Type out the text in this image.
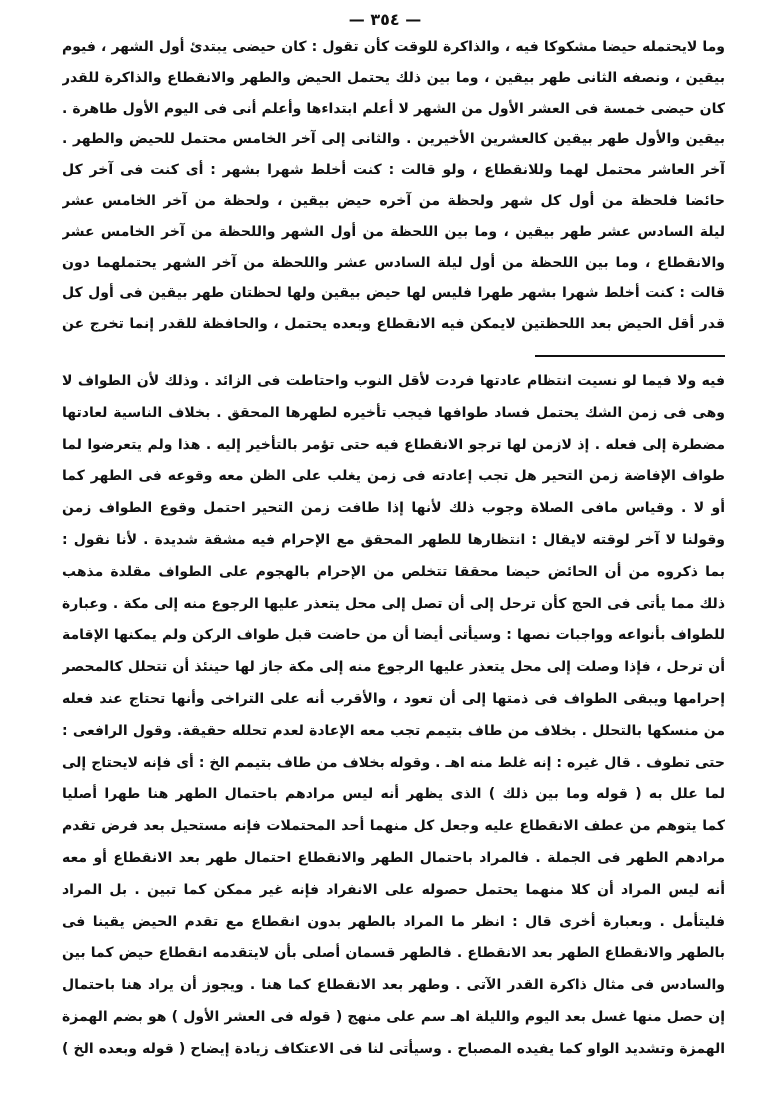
— ٣٥٤ —
وما لايحتمله حيضا مشكوكا فيه ، والذاكرة للوقت كأن تقول : كان حيضى يبتدئ أول الشهر ، فيوم
بيقين ، ونصفه الثانى طهر بيقين ، وما بين ذلك يحتمل الحيض والطهر والانقطاع والذاكرة للقدر
كان حيضى خمسة فى العشر الأول من الشهر لا أعلم ابتداءها وأعلم أنى فى اليوم الأول طاهرة .
بيقين والأول طهر بيقين كالعشرين الأخيرين . والثانى إلى آخر الخامس محتمل للحيض والطهر .
آخر العاشر محتمل لهما وللانقطاع ، ولو قالت : كنت أخلط شهرا بشهر : أى كنت فى آخر كل
حائضا فلحظة من أول كل شهر ولحظة من آخره حيض بيقين ، ولحظة من آخر الخامس عشر
ليلة السادس عشر طهر بيقين ، وما بين اللحظة من أول الشهر واللحظة من آخر الخامس عشر
والانقطاع ، وما بين اللحظة من أول ليلة السادس عشر واللحظة من آخر الشهر يحتملهما دون
قالت : كنت أخلط شهرا بشهر طهرا فليس لها حيض بيقين ولها لحظتان طهر بيقين فى أول كل
قدر أقل الحيض بعد اللحظتين لايمكن فيه الانقطاع وبعده يحتمل ، والحافظة للقدر إنما تخرج عن
فيه ولا فيما لو نسيت انتظام عادتها فردت لأقل النوب واحتاطت فى الزائد . وذلك لأن الطواف لا
وهى فى زمن الشك يحتمل فساد طوافها فيجب تأخيره لطهرها المحقق . بخلاف الناسية لعادتها
مضطرة إلى فعله . إذ لازمن لها ترجو الانقطاع فيه حتى تؤمر بالتأخير إليه . هذا ولم يتعرضوا لما
طواف الإفاضة زمن التحير هل تجب إعادته فى زمن يغلب على الظن معه وقوعه فى الطهر كما
أو لا . وقياس مافى الصلاة وجوب ذلك لأنها إذا طافت زمن التحير احتمل وقوع الطواف زمن
وقولنا لا آخر لوقته لايقال : انتظارها للطهر المحقق مع الإحرام فيه مشقة شديدة . لأنا نقول :
بما ذكروه من أن الحائض حيضا محققا تتخلص من الإحرام بالهجوم على الطواف مقلدة مذهب
ذلك مما يأتى فى الحج كأن ترحل إلى أن تصل إلى محل يتعذر عليها الرجوع منه إلى مكة . وعبارة
للطواف بأنواعه وواجبات نصها : وسيأتى أيضا أن من حاضت قبل طواف الركن ولم يمكنها الإقامة
أن ترحل ، فإذا وصلت إلى محل يتعذر عليها الرجوع منه إلى مكة جاز لها حينئذ أن تتحلل كالمحصر
إحرامها ويبقى الطواف فى ذمتها إلى أن تعود ، والأقرب أنه على التراخى وأنها تحتاج عند فعله
من منسكها بالتحلل . بخلاف من طاف بتيمم تجب معه الإعادة لعدم تحلله حقيقة. وقول الرافعى :
حتى تطوف . قال غيره : إنه غلط منه اهـ . وقوله بخلاف من طاف بتيمم الخ : أى فإنه لايحتاج إلى
لما علل به ( قوله وما بين ذلك ) الذى يظهر أنه ليس مرادهم باحتمال الطهر هنا طهرا أصليا
كما يتوهم من عطف الانقطاع عليه وجعل كل منهما أحد المحتملات فإنه مستحيل بعد فرض تقدم
مرادهم الطهر فى الجملة . فالمراد باحتمال الطهر والانقطاع احتمال طهر بعد الانقطاع أو معه
أنه ليس المراد أن كلا منهما يحتمل حصوله على الانفراد فإنه غير ممكن كما تبين . بل المراد
فليتأمل . وبعبارة أخرى قال : انظر ما المراد بالطهر بدون انقطاع مع تقدم الحيض يقينا فى
بالطهر والانقطاع الطهر بعد الانقطاع . فالطهر قسمان أصلى بأن لايتقدمه انقطاع حيض كما بين
والسادس فى مثال ذاكرة القدر الآتى . وطهر بعد الانقطاع كما هنا . ويجوز أن يراد هنا باحتمال
إن حصل منها غسل بعد اليوم والليلة اهـ سم على منهج ( قوله فى العشر الأول ) هو بضم الهمزة
الهمزة وتشديد الواو كما يفيده المصباح . وسيأتى لنا فى الاعتكاف زيادة إيضاح ( قوله وبعده الخ )
